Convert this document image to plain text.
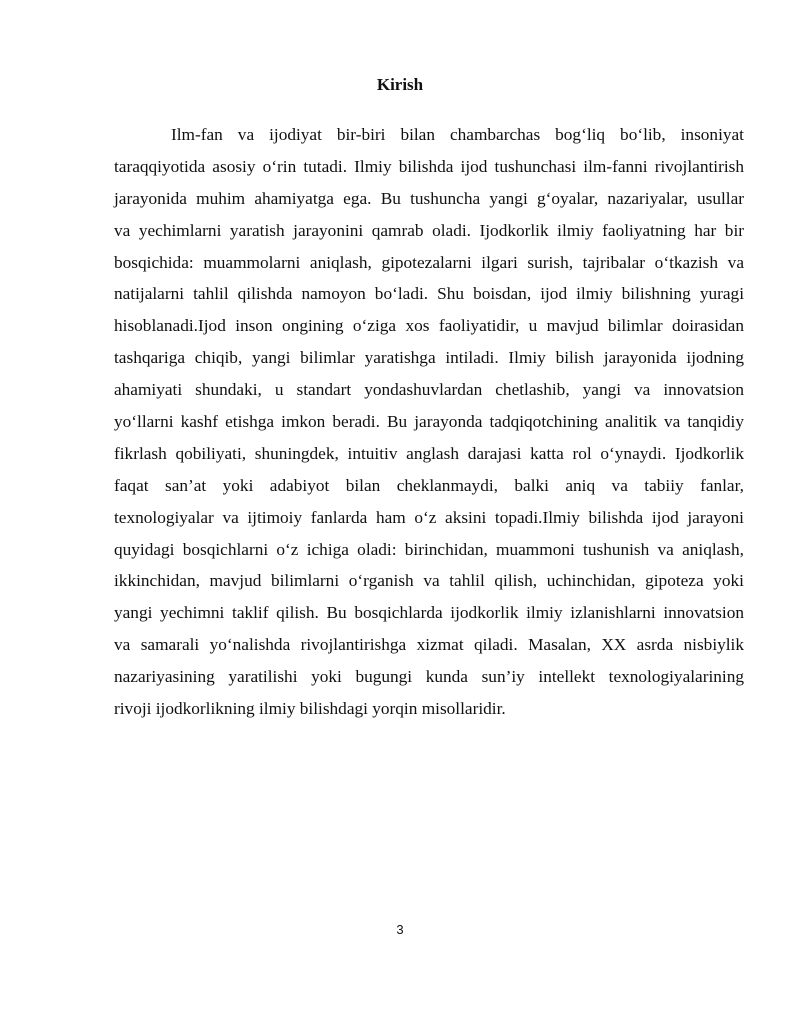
Kirish
Ilm-fan va ijodiyat bir-biri bilan chambarchas bog‘liq bo‘lib, insoniyat
taraqqiyotida asosiy o‘rin tutadi. Ilmiy bilishda ijod tushunchasi ilm-fanni rivojlantirish
jarayonida muhim ahamiyatga ega. Bu tushuncha yangi g‘oyalar, nazariyalar, usullar
va yechimlarni yaratish jarayonini qamrab oladi. Ijodkorlik ilmiy faoliyatning har bir
bosqichida: muammolarni aniqlash, gipotezalarni ilgari surish, tajribalar o‘tkazish va
natijalarni tahlil qilishda namoyon bo‘ladi. Shu boisdan, ijod ilmiy bilishning yuragi
hisoblanadi.Ijod inson ongining o‘ziga xos faoliyatidir, u mavjud bilimlar doirasidan
tashqariga chiqib, yangi bilimlar yaratishga intiladi. Ilmiy bilish jarayonida ijodning
ahamiyati shundaki, u standart yondashuvlardan chetlashib, yangi va innovatsion
yo‘llarni kashf etishga imkon beradi. Bu jarayonda tadqiqotchining analitik va tanqidiy
fikrlash qobiliyati, shuningdek, intuitiv anglash darajasi katta rol o‘ynaydi. Ijodkorlik
faqat san’at yoki adabiyot bilan cheklanmaydi, balki aniq va tabiiy fanlar,
texnologiyalar va ijtimoiy fanlarda ham o‘z aksini topadi.Ilmiy bilishda ijod jarayoni
quyidagi bosqichlarni o‘z ichiga oladi: birinchidan, muammoni tushunish va aniqlash,
ikkinchidan, mavjud bilimlarni o‘rganish va tahlil qilish, uchinchidan, gipoteza yoki
yangi yechimni taklif qilish. Bu bosqichlarda ijodkorlik ilmiy izlanishlarni innovatsion
va samarali yo‘nalishda rivojlantirishga xizmat qiladi. Masalan, XX asrda nisbiylik
nazariyasining yaratilishi yoki bugungi kunda sun’iy intellekt texnologiyalarining
rivoji ijodkorlikning ilmiy bilishdagi yorqin misollaridir.
3
